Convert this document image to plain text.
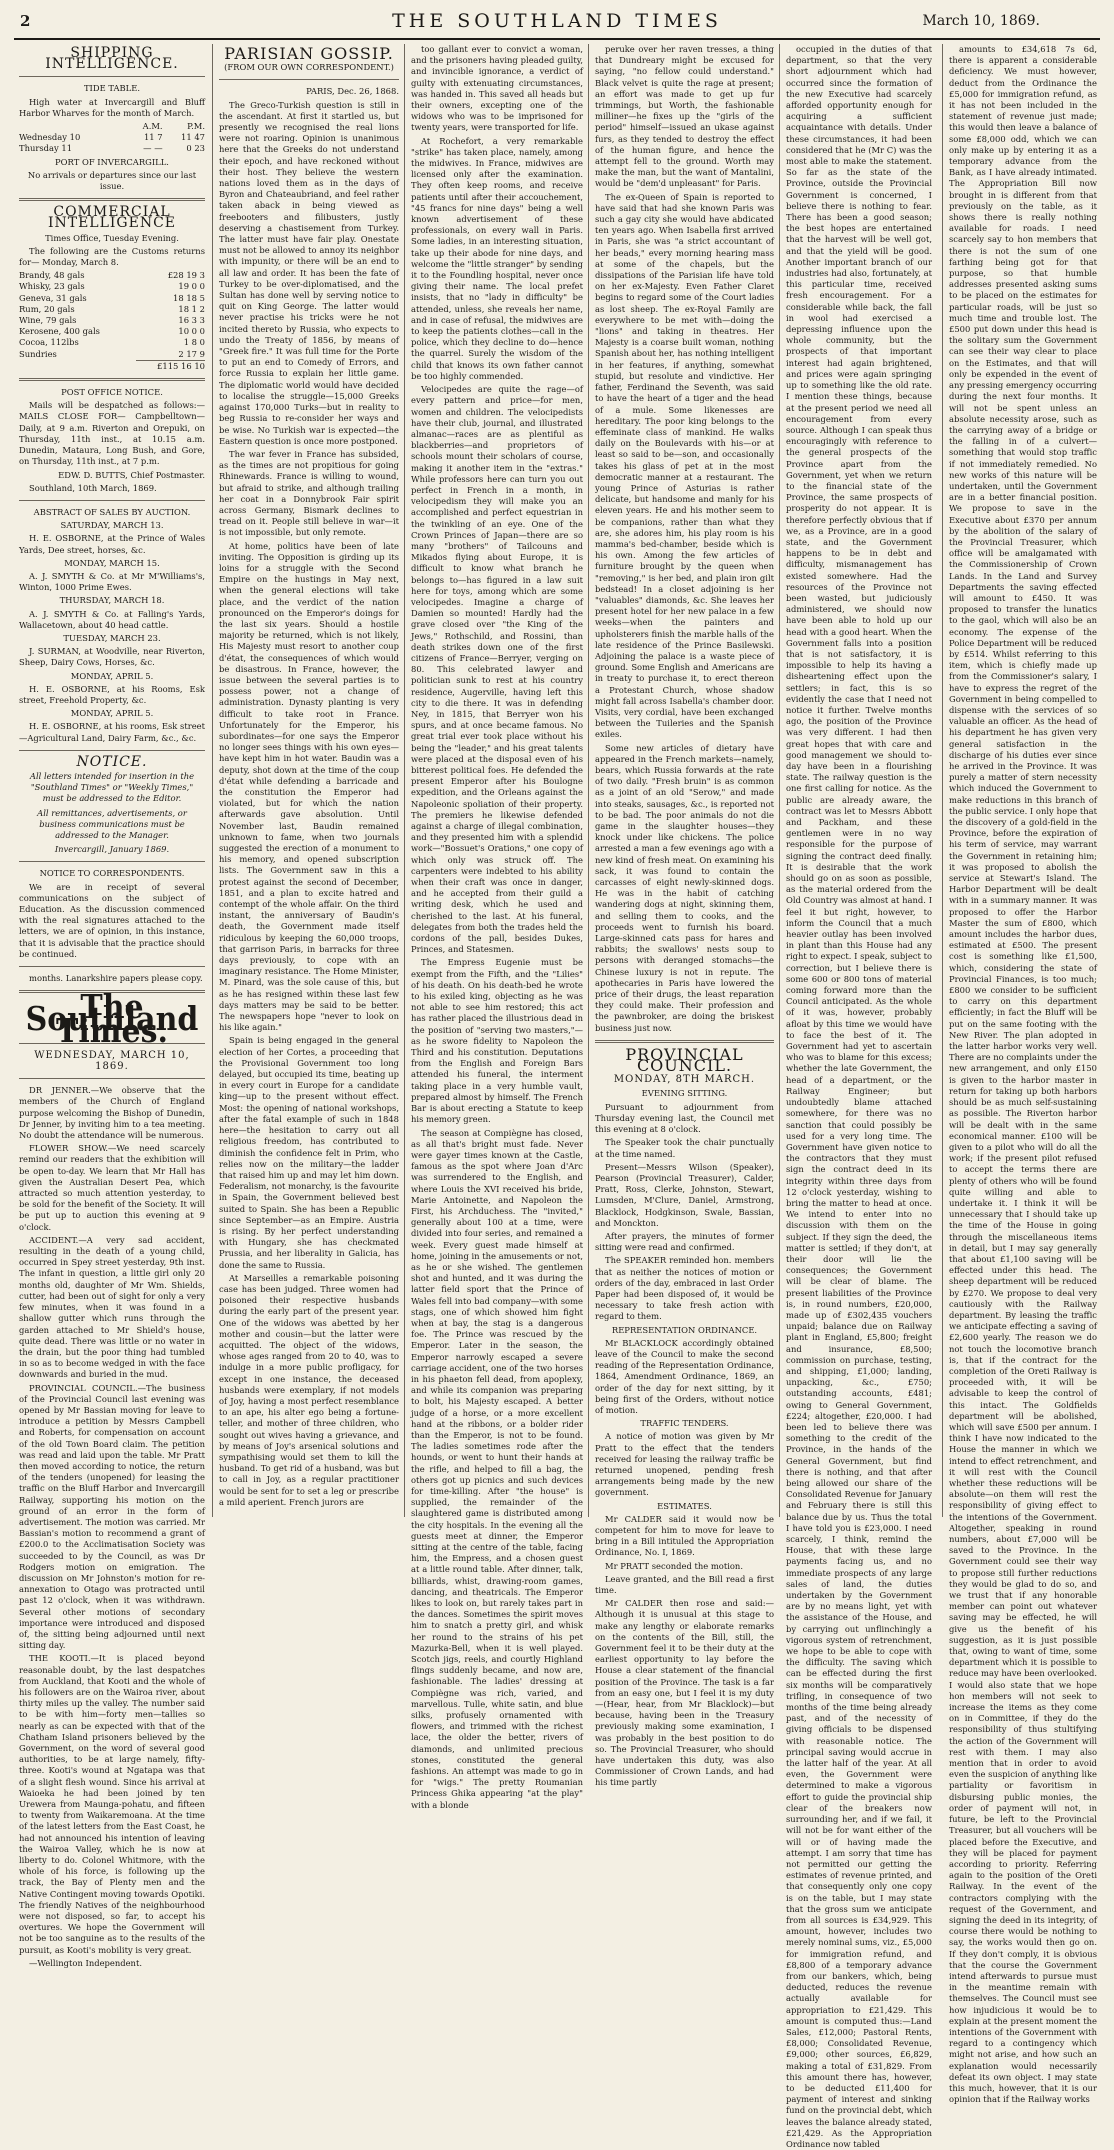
2	THE SOUTHLAND TIMES	March 10, 1869.
SHIPPING INTELLIGENCE.
TIDE TABLE.

High water at Invercargill and Bluff Harbor Wharves for the month of March.

	A.M.	P.M.
Wednesday 10	11 7	11 47
Thursday 11	— —	0 23
PORT OF INVERCARGILL.
No arrivals or departures since our last issue.
COMMERCIAL INTELLIGENCE
Times Office, Tuesday Evening.

The following are the Customs returns for— Monday, March 8.

Brandy, 48 gals	£28 19 3
Whisky, 23 gals	19 0 0
Geneva, 31 gals	18 18 5
Rum, 20 gals	18 1 2
Wine, 79 gals	16 3 3
Kerosene, 400 gals	10 0 0
Cocoa, 112lbs	1 8 0
Sundries	2 17 9
	£115 16 10
POST OFFICE NOTICE.

Mails will be despatched as follows:— MAILS CLOSE FOR— Campbelltown—Daily, at 9 a.m. Riverton and Orepuki, on Thursday, 11th inst., at 10.15 a.m. Dunedin, Mataura, Long Bush, and Gore, on Thursday, 11th inst., at 7 p.m.

EDW. D. BUTTS, Chief Postmaster.

Southland, 10th March, 1869.

ABSTRACT OF SALES BY AUCTION.
SATURDAY, MARCH 13.

H. E. OSBORNE, at the Prince of Wales Yards, Dee street, horses, &c.

MONDAY, MARCH 15.

A. J. SMYTH & Co. at Mr M'Williams's, Winton, 1000 Prime Ewes.

THURSDAY, MARCH 18.

A. J. SMYTH & Co. at Falling's Yards, Wallacetown, about 40 head cattle.

TUESDAY, MARCH 23.

J. SURMAN, at Woodville, near Riverton, Sheep, Dairy Cows, Horses, &c.

MONDAY, APRIL 5.

H. E. OSBORNE, at his Rooms, Esk street, Freehold Property, &c.

MONDAY, APRIL 5.

H. E. OSBORNE, at his rooms, Esk street—Agricultural Land, Dairy Farm, &c., &c.

NOTICE.
All letters intended for insertion in the "Southland Times" or "Weekly Times," must be addressed to the Editor.
All remittances, advertisements, or business communications must be addressed to the Manager.
Invercargill, January 1869.
NOTICE TO CORRESPONDENTS.

We are in receipt of several communications on the subject of Education. As the discussion commenced with the real signatures attached to the letters, we are of opinion, in this instance, that it is advisable that the practice should be continued.

months. Lanarkshire papers please copy.

The Southland Times.
WEDNESDAY, MARCH 10, 1869.

DR JENNER.—We observe that the members of the Church of England purpose welcoming the Bishop of Dunedin, Dr Jenner, by inviting him to a tea meeting. No doubt the attendance will be numerous.

FLOWER SHOW.—We need scarcely remind our readers that the exhibition will be open to-day. We learn that Mr Hall has given the Australian Desert Pea, which attracted so much attention yesterday, to be sold for the benefit of the Society. It will be put up to auction this evening at 9 o'clock.

ACCIDENT.—A very sad accident, resulting in the death of a young child, occurred in Spey street yesterday, 9th inst. The infant in question, a little girl only 20 months old, daughter of Mr Wm. Shields, cutter, had been out of sight for only a very few minutes, when it was found in a shallow gutter which runs through the garden attached to Mr Shield's house, quite dead. There was little or no water in the drain, but the poor thing had tumbled in so as to become wedged in with the face downwards and buried in the mud.

PROVINCIAL COUNCIL.—The business of the Provincial Council last evening was opened by Mr Bassian moving for leave to introduce a petition by Messrs Campbell and Roberts, for compensation on account of the old Town Board claim. The petition was read and laid upon the table. Mr Pratt then moved according to notice, the return of the tenders (unopened) for leasing the traffic on the Bluff Harbor and Invercargill Railway, supporting his motion on the ground of an error in the form of advertisement. The motion was carried. Mr Bassian's motion to recommend a grant of £200.0 to the Acclimatisation Society was succeeded to by the Council, as was Dr Rodgers motion on emigration. The discussion on Mr Johnston's motion for re-annexation to Otago was protracted until past 12 o'clock, when it was withdrawn. Several other motions of secondary importance were introduced and disposed of, the sitting being adjourned until next sitting day.

THE KOOTI.—It is placed beyond reasonable doubt, by the last despatches from Auckland, that Kooti and the whole of his followers are on the Wairoa river, about thirty miles up the valley. The number said to be with him—forty men—tallies so nearly as can be expected with that of the Chatham Island prisoners believed by the Government, on the word of several good authorities, to be at large namely, fifty-three. Kooti's wound at Ngatapa was that of a slight flesh wound. Since his arrival at Waioeka he had been joined by ten Urewera from Maunga-pohatu, and fifteen to twenty from Waikaremoana. At the time of the latest letters from the East Coast, he had not announced his intention of leaving the Wairoa Valley, which he is now at liberty to do. Colonel Whitmore, with the whole of his force, is following up the track, the Bay of Plenty men and the Native Contingent moving towards Opotiki. The friendly Natives of the neighbourhood were not disposed, so far, to accept his overtures. We hope the Government will not be too sanguine as to the results of the pursuit, as Kooti's mobility is very great.

—Wellington Independent.

PARISIAN GOSSIP.
(FROM OUR OWN CORRESPONDENT.)
PARIS, Dec. 26, 1868.

The Greco-Turkish question is still in the ascendant. At first it startled us, but presently we recognised the real lions were not roaring. Opinion is unanimous here that the Greeks do not understand their epoch, and have reckoned without their host. They believe the western nations loved them as in the days of Byron and Chateaubriand, and feel rather taken aback in being viewed as freebooters and filibusters, justly deserving a chastisement from Turkey. The latter must have fair play. Onestate must not be allowed to annoy its neighbor with impunity, or there will be an end to all law and order. It has been the fate of Turkey to be over-diplomatised, and the Sultan has done well by serving notice to quit on King George. The latter would never practise his tricks were he not incited thereto by Russia, who expects to undo the Treaty of 1856, by means of "Greek fire." It was full time for the Porte to put an end to Comedy of Errors, and force Russia to explain her little game. The diplomatic world would have decided to localise the struggle—15,000 Greeks against 170,000 Turks—but in reality to beg Russia to re-consider her ways and be wise. No Turkish war is expected—the Eastern question is once more postponed.

The war fever in France has subsided, as the times are not propitious for going Rhinewards. France is willing to wound, but afraid to strike, and although trailing her coat in a Donnybrook Fair spirit across Germany, Bismark declines to tread on it. People still believe in war—it is not impossible, but only remote.

At home, politics have been of late inviting. The Opposition is girding up its loins for a struggle with the Second Empire on the hustings in May next, when the general elections will take place, and the verdict of the nation pronounced on the Emperor's doings for the last six years. Should a hostile majority be returned, which is not likely, His Majesty must resort to another coup d'état, the consequences of which would be disastrous. In France, however, the issue between the several parties is to possess power, not a change of administration. Dynasty planting is very difficult to take root in France. Unfortunately for the Emperor, his subordinates—for one says the Emperor no longer sees things with his own eyes—have kept him in hot water. Baudin was a deputy, shot down at the time of the coup d'état while defending a barricade and the constitution the Emperor had violated, but for which the nation afterwards gave absolution. Until November last, Baudin remained unknown to fame, when two journals suggested the erection of a monument to his memory, and opened subscription lists. The Government saw in this a protest against the second of December, 1851, and a plan to excite hatred and contempt of the whole affair. On the third instant, the anniversary of Baudin's death, the Government made itself ridiculous by keeping the 60,000 troops, that garrison Paris, in barracks for three days previously, to cope with an imaginary resistance. The Home Minister, M. Pinard, was the sole cause of this, but as he has resigned within these last few days matters may be said to be better. The newspapers hope "never to look on his like again."

Spain is being engaged in the general election of her Cortes, a proceeding that the Provisional Government too long delayed, but occupied its time, beating up in every court in Europe for a candidate king—up to the present without effect. Most: the opening of national workshops, after the fatal example of such in 1848 here—the hesitation to carry out all religious freedom, has contributed to diminish the confidence felt in Prim, who relies now on the military—the ladder that raised him up and may let him down. Federalism, not monarchy, is the favourite in Spain, the Government believed best suited to Spain. She has been a Republic since September—as an Empire. Austria is rising. By her perfect understanding with Hungary, she has checkmated Prussia, and her liberality in Galicia, has done the same to Russia.

At Marseilles a remarkable poisoning case has been judged. Three women had poisoned their respective husbands during the early part of the present year. One of the widows was abetted by her mother and cousin—but the latter were acquitted. The object of the widows, whose ages ranged from 20 to 40, was to indulge in a more public profligacy, for except in one instance, the deceased husbands were exemplary, if not models of Joy, having a most perfect resemblance to an ape, his alter ego being a fortune-teller, and mother of three children, who sought out wives having a grievance, and by means of Joy's arsenical solutions and sympathising would set them to kill the husband. To get rid of a husband, was but to call in Joy, as a regular practitioner would be sent for to set a leg or prescribe a mild aperient. French jurors are

too gallant ever to convict a woman, and the prisoners having pleaded guilty, and invincible ignorance, a verdict of guilty with extenuating circumstances, was handed in. This saved all heads but their owners, excepting one of the widows who was to be imprisoned for twenty years, were transported for life.

At Rochefort, a very remarkable "strike" has taken place, namely, among the midwives. In France, midwives are licensed only after the examination. They often keep rooms, and receive patients until after their accouchement, "45 francs for nine days" being a well known advertisement of these professionals, on every wall in Paris. Some ladies, in an interesting situation, take up their abode for nine days, and welcome the "little stranger" by sending it to the Foundling hospital, never once giving their name. The local prefet insists, that no "lady in difficulty" be attended, unless, she reveals her name, and in case of refusal, the midwives are to keep the patients clothes—call in the police, which they decline to do—hence the quarrel. Surely the wisdom of the child that knows its own father cannot be too highly commended.

Velocipedes are quite the rage—of every pattern and price—for men, women and children. The velocipedists have their club, journal, and illustrated almanac—races are as plentiful as blackberries—and proprietors of schools mount their scholars of course, making it another item in the "extras." While professors here can turn you out perfect in French in a month, in velocipedism they will make you an accomplished and perfect equestrian in the twinkling of an eye. One of the Crown Princes of Japan—there are so many "brothers" of Tailcouns and Mikados flying about Europe, it is difficult to know what branch he belongs to—has figured in a law suit here for toys, among which are some velocipedes. Imagine a charge of Damien so mounted! Hardly had the grave closed over "the King of the Jews," Rothschild, and Rossini, than death strikes down one of the first citizens of France—Berryer, verging on 80. This celebrated lawyer and politician sunk to rest at his country residence, Augerville, having left this city to die there. It was in defending Ney, in 1815, that Berryer won his spurs, and at once became famous. No great trial ever took place without his being the "leader," and his great talents were placed at the disposal even of his bitterest political foes. He defended the present Emperor after his Boulogne expedition, and the Orleans against the Napoleonic spoliation of their property. The premiers he likewise defended against a charge of illegal combination, and they presented him with a splendid work—"Bossuet's Orations," one copy of which only was struck off. The carpenters were indebted to his ability when their craft was once in danger, and he accepted from their guild a writing desk, which he used and cherished to the last. At his funeral, delegates from both the trades held the cordons of the pall, besides Dukes, Princes, and Statesmen.

The Empress Eugenie must be exempt from the Fifth, and the "Lilies" of his death. On his death-bed he wrote to his exiled king, objecting as he was not able to see him restored; this act has rather placed the illustrious dead in the position of "serving two masters,"—as he swore fidelity to Napoleon the Third and his constitution. Deputations from the English and Foreign Bars attended his funeral, the interment taking place in a very humble vault, prepared almost by himself. The French Bar is about erecting a Statute to keep his memory green.

The season at Compiègne has closed, as all that's bright must fade. Never were gayer times known at the Castle, famous as the spot where Joan d'Arc was surrendered to the English, and where Louis the XVI received his bride, Marie Antoinette, and Napoleon the First, his Archduchess. The "invited," generally about 100 at a time, were divided into four series, and remained a week. Every guest made himself at home, joining in the amusements or not, as he or she wished. The gentlemen shot and hunted, and it was during the latter field sport that the Prince of Wales fell into bad company—with some stags, one of which showed him fight when at bay, the stag is a dangerous foe. The Prince was rescued by the Emperor. Later in the season, the Emperor narrowly escaped a severe carriage accident, one of the two horses in his phaeton fell dead, from apoplexy, and while its companion was preparing to bolt, his Majesty escaped. A better judge of a horse, or a more excellent hand at the ribbons, or a bolder rider than the Emperor, is not to be found. The ladies sometimes rode after the hounds, or went to hunt their hands at the rifle, and helped to fill a bag, the others got up picnics and such devices for time-killing. After "the house" is supplied, the remainder of the slaughtered game is distributed among the city hospitals. In the evening all the guests meet at dinner, the Emperor sitting at the centre of the table, facing him, the Empress, and a chosen guest at a little round table. After dinner, talk, billiards, whist, drawing-room games, dancing, and theatricals. The Emperor likes to look on, but rarely takes part in the dances. Sometimes the spirit moves him to snatch a pretty girl, and whisk her round to the strains of his pet Mazurka-Bell, when it is well played. Scotch jigs, reels, and courtly Highland flings suddenly became, and now are, fashionable. The ladies' dressing at Compiègne was rich, varied, and marvellous. Tulle, white satin, and blue silks, profusely ornamented with flowers, and trimmed with the richest lace, the older the better, rivers of diamonds, and unlimited precious stones, constituted the general fashions. An attempt was made to go in for "wigs." The pretty Roumanian Princess Ghika appearing "at the play" with a blonde

peruke over her raven tresses, a thing that Dundreary might be excused for saying, "no fellow could understand." Black velvet is quite the rage at present; an effort was made to get up fur trimmings, but Worth, the fashionable milliner—he fixes up the "girls of the period" himself—issued an ukase against furs, as they tended to destroy the effect of the human figure, and hence the attempt fell to the ground. Worth may make the man, but the want of Mantalini, would be "dem'd unpleasant" for Paris.

The ex-Queen of Spain is reported to have said that had she known Paris was such a gay city she would have abdicated ten years ago. When Isabella first arrived in Paris, she was "a strict accountant of her beads," every morning hearing mass at some of the chapels, but the dissipations of the Parisian life have told on her ex-Majesty. Even Father Claret begins to regard some of the Court ladies as lost sheep. The ex-Royal Family are everywhere to be met with—doing the "lions" and taking in theatres. Her Majesty is a coarse built woman, nothing Spanish about her, has nothing intelligent in her features, if anything, somewhat stupid, but resolute and vindictive. Her father, Ferdinand the Seventh, was said to have the heart of a tiger and the head of a mule. Some likenesses are hereditary. The poor king belongs to the effeminate class of mankind. He walks daily on the Boulevards with his—or at least so said to be—son, and occasionally takes his glass of pet at in the most democratic manner at a restaurant. The young Prince of Asturias is rather delicate, but handsome and manly for his eleven years. He and his mother seem to be companions, rather than what they are, she adores him, his play room is his mamma's bed-chamber, beside which is his own. Among the few articles of furniture brought by the queen when "removing," is her bed, and plain iron gilt bedstead! In a closet adjoining is her "valuables" diamonds, &c. She leaves her present hotel for her new palace in a few weeks—when the painters and upholsterers finish the marble halls of the late residence of the Prince Basilewski. Adjoining the palace is a waste piece of ground. Some English and Americans are in treaty to purchase it, to erect thereon a Protestant Church, whose shadow might fall across Isabella's chamber door. Visits, very cordial, have been exchanged between the Tuileries and the Spanish exiles.

Some new articles of dietary have appeared in the French markets—namely, bears, which Russia forwards at the rate of two daily. "Fresh bruin" is as common as a joint of an old "Serow," and made into steaks, sausages, &c., is reported not to be bad. The poor animals do not die game in the slaughter houses—they knock under like chickens. The police arrested a man a few evenings ago with a new kind of fresh meat. On examining his sack, it was found to contain the carcasses of eight newly-skinned dogs. He was in the habit of catching wandering dogs at night, skinning them, and selling them to cooks, and the proceeds went to furnish his board. Large-skinned cats pass for hares and rabbits; the swallows' nests soup to persons with deranged stomachs—the Chinese luxury is not in repute. The apothecaries in Paris have lowered the price of their drugs, the least reparation they could make. Their profession and the pawnbroker, are doing the briskest business just now.

PROVINCIAL COUNCIL.
MONDAY, 8TH MARCH.
EVENING SITTING.

Pursuant to adjournment from Thursday evening last, the Council met this evening at 8 o'clock.

The Speaker took the chair punctually at the time named.

Present—Messrs Wilson (Speaker), Pearson (Provincial Treasurer), Calder, Pratt, Ross, Clerke, Johnston, Stewart, Lumsden, M'Clure, Daniel, Armstrong, Blacklock, Hodgkinson, Swale, Bassian, and Monckton.

After prayers, the minutes of former sitting were read and confirmed.

The SPEAKER reminded hon. members that as neither the notices of motion or orders of the day, embraced in last Order Paper had been disposed of, it would be necessary to take fresh action with regard to them.

REPRESENTATION ORDINANCE.

Mr BLACKLOCK accordingly obtained leave of the Council to make the second reading of the Representation Ordinance, 1864, Amendment Ordinance, 1869, an order of the day for next sitting, by it being first of the Orders, without notice of motion.

TRAFFIC TENDERS.

A notice of motion was given by Mr Pratt to the effect that the tenders received for leasing the railway traffic be returned unopened, pending fresh arrangements being made by the new government.

ESTIMATES.

Mr CALDER said it would now be competent for him to move for leave to bring in a Bill intituled the Appropriation Ordinance, No. I, 1869.

Mr PRATT seconded the motion.

Leave granted, and the Bill read a first time.

Mr CALDER then rose and said:—Although it is unusual at this stage to make any lengthy or elaborate remarks on the contents of the Bill, still, the Government feel it to be their duty at the earliest opportunity to lay before the House a clear statement of the financial position of the Province. The task is a far from an easy one, but I feel it is my duty—(Hear, hear, from Mr Blacklock)—but because, having been in the Treasury previously making some examination, I was probably in the best position to do so. The Provincial Treasurer, who should have undertaken this duty, was also Commissioner of Crown Lands, and had his time partly

occupied in the duties of that department, so that the very short adjournment which had occurred since the formation of the new Executive had scarcely afforded opportunity enough for acquiring a sufficient acquaintance with details. Under these circumstances, it had been considered that he (Mr C) was the most able to make the statement. So far as the state of the Province, outside the Provincial Government is concerned, I believe there is nothing to fear. There has been a good season; the best hopes are entertained that the harvest will be well got, and that the yield will be good. Another important branch of our industries had also, fortunately, at this particular time, received fresh encouragement. For a considerable while back, the fall in wool had exercised a depressing influence upon the whole community, but the prospects of that important interest had again brightened, and prices were again springing up to something like the old rate. I mention these things, because at the present period we need all encouragement from every source. Although I can speak thus encouragingly with reference to the general prospects of the Province apart from the Government, yet when we return to the financial state of the Province, the same prospects of prosperity do not appear. It is therefore perfectly obvious that if we, as a Province, are in a good state, and the Government happens to be in debt and difficulty, mismanagement has existed somewhere. Had the resources of the Province not been wasted, but judiciously administered, we should now have been able to hold up our head with a good heart. When the Government falls into a position that is not satisfactory, it is impossible to help its having a disheartening effect upon the settlers; in fact, this is so evidently the case that I need not notice it further. Twelve months ago, the position of the Province was very different. I had then great hopes that with care and good management we should to-day have been in a flourishing state. The railway question is the one first calling for notice. As the public are already aware, the contract was let to Messrs Abbott and Packham, and these gentlemen were in no way responsible for the purpose of signing the contract deed finally. It is desirable that the work should go on as soon as possible, as the material ordered from the Old Country was almost at hand. I feel it but right, however, to inform the Council that a much heavier outlay has been involved in plant than this House had any right to expect. I speak, subject to correction, but I believe there is some 600 or 800 tons of material coming forward more than the Council anticipated. As the whole of it was, however, probably afloat by this time we would have to face the best of it. The Government had yet to ascertain who was to blame for this excess; whether the late Government, the head of a department, or the Railway Engineer; but undoubtedly blame attached somewhere, for there was no sanction that could possibly be used for a very long time. The Government have given notice to the contractors that they must sign the contract deed in its integrity within three days from 12 o'clock yesterday, wishing to bring the matter to head at once. We intend to enter into no discussion with them on the subject. If they sign the deed, the matter is settled; if they don't, at their door will lie the consequences; the Government will be clear of blame. The present liabilities of the Province is, in round numbers, £20,000, made up of £302,435 vouchers unpaid; balance due on Railway plant in England, £5,800; freight and insurance, £8,500; commission on purchase, testing, and shipping, £1,000; landing, unpacking, &c., £750; outstanding accounts, £481; owing to General Government, £224; altogether, £20,000. I had been led to believe there was something to the credit of the Province, in the hands of the General Government, but find there is nothing, and that after being allowed our share of the Consolidated Revenue for January and February there is still this balance due by us. Thus the total I have told you is £23,000. I need scarcely, I think, remind the House, that with these large payments facing us, and no immediate prospects of any large sales of land, the duties undertaken by the Government are by no means light, yet with the assistance of the House, and by carrying out unflinchingly a vigorous system of retrenchment, we hope to be able to cope with the difficulty. The saving which can be effected during the first six months will be comparatively trifling, in consequence of two months of the time being already past, and of the necessity of giving officials to be dispensed with reasonable notice. The principal saving would accrue in the latter half of the year. At all even, the Government were determined to make a vigorous effort to guide the provincial ship clear of the breakers now surrounding her, and if we fail, it will not be for want either of the will or of having made the attempt. I am sorry that time has not permitted our getting the estimates of revenue printed, and that consequently only one copy is on the table, but I may state that the gross sum we anticipate from all sources is £34,929. This amount, however, includes two merely nominal sums, viz., £5,000 for immigration refund, and £8,800 of a temporary advance from our bankers, which, being deducted, reduces the revenue actually available for appropriation to £21,429. This amount is computed thus:—Land Sales, £12,000; Pastoral Rents, £8,000; Consolidated Revenue, £9,000; other sources, £6,829, making a total of £31,829. From this amount there has, however, to be deducted £11,400 for payment of interest and sinking fund on the provincial debt, which leaves the balance already stated, £21,429. As the Appropriation Ordinance now tabled

amounts to £34,618 7s 6d, there is apparent a considerable deficiency. We must however, deduct from the Ordinance the £5,000 for immigration refund, as it has not been included in the statement of revenue just made; this would then leave a balance of some £8,000 odd, which we can only make up by entering it as a temporary advance from the Bank, as I have already intimated. The Appropriation Bill now brought in is different from that previously on the table, as it shows there is really nothing available for roads. I need scarcely say to hon members that there is not the sum of one farthing being got for that purpose, so that humble addresses presented asking sums to be placed on the estimates for particular roads, will be just so much time and trouble lost. The £500 put down under this head is the solitary sum the Government can see their way clear to place on the Estimates, and that will only be expended in the event of any pressing emergency occurring during the next four months. It will not be spent unless an absolute necessity arose, such as the carrying away of a bridge or the falling in of a culvert—something that would stop traffic if not immediately remedied. No new works of this nature will be undertaken, until the Government are in a better financial position. We propose to save in the Executive about £370 per annum by the abolition of the salary of the Provincial Treasurer, which office will be amalgamated with the Commissionership of Crown Lands. In the Land and Survey Departments the saving effected will amount to £450. It was proposed to transfer the lunatics to the gaol, which will also be an economy. The expense of the Police Department will be reduced by £514. Whilst referring to this item, which is chiefly made up from the Commissioner's salary, I have to express the regret of the Government in being compelled to dispense with the services of so valuable an officer. As the head of his department he has given very general satisfaction in the discharge of his duties ever since he arrived in the Province. It was purely a matter of stern necessity which induced the Government to make reductions in this branch of the public service. I only hope that the discovery of a gold-field in the Province, before the expiration of his term of service, may warrant the Government in retaining him; it was proposed to abolish the service at Stewart's Island. The Harbor Department will be dealt with in a summary manner. It was proposed to offer the Harbor Master the sum of £800, which amount includes the harbor dues, estimated at £500. The present cost is something like £1,500, which, considering the state of Provincial Finances, is too much; £800 we consider to be sufficient to carry on this department efficiently; in fact the Bluff will be put on the same footing with the New River. The plan adopted in the latter harbor works very well. There are no complaints under the new arrangement, and only £150 is given to the harbor master in return for taking up both harbors should be as much self-sustaining as possible. The Riverton harbor will be dealt with in the same economical manner. £100 will be given to a pilot who will do all the work; if the present pilot refused to accept the terms there are plenty of others who will be found quite willing and able to undertake it. I think it will be unnecessary that I should take up the time of the House in going through the miscellaneous items in detail, but I may say generally that about £1,100 saving will be effected under this head. The sheep department will be reduced by £270. We propose to deal very cautiously with the Railway department. By leasing the traffic we anticipate effecting a saving of £2,600 yearly. The reason we do not touch the locomotive branch is, that if the contract for the completion of the Oreti Railway is proceeded with, it will be advisable to keep the control of this intact. The Goldfields department will be abolished, which will save £500 per annum. I think I have now indicated to the House the manner in which we intend to effect retrenchment, and it will rest with the Council whether these reductions will be absolute—on them will rest the responsibility of giving effect to the intentions of the Government. Altogether, speaking in round numbers, about £7,000 will be saved to the Province. In the Government could see their way to propose still further reductions they would be glad to do so, and we trust that if any honorable member can point out whatever saving may be effected, he will give us the benefit of his suggestion, as it is just possible that, owing to want of time, some department which it is possible to reduce may have been overlooked. I would also state that we hope hon members will not seek to increase the items as they come on in Committee, if they do the responsibility of thus stultifying the action of the Government will rest with them. I may also mention that in order to avoid even the suspicion of anything like partiality or favoritism in disbursing public monies, the order of payment will not, in future, be left to the Provincial Treasurer, but all vouchers will be placed before the Executive, and they will be placed for payment according to priority. Referring again to the position of the Oreti Railway. In the event of the contractors complying with the request of the Government, and signing the deed in its integrity, of course there would be nothing to say, the works would then go on. If they don't comply, it is obvious that the course the Government intend afterwards to pursue must in the meantime remain with themselves. The Council must see how injudicious it would be to explain at the present moment the intentions of the Government with regard to a contingency which might not arise, and how such an explanation would necessarily defeat its own object. I may state this much, however, that it is our opinion that if the Railway works
